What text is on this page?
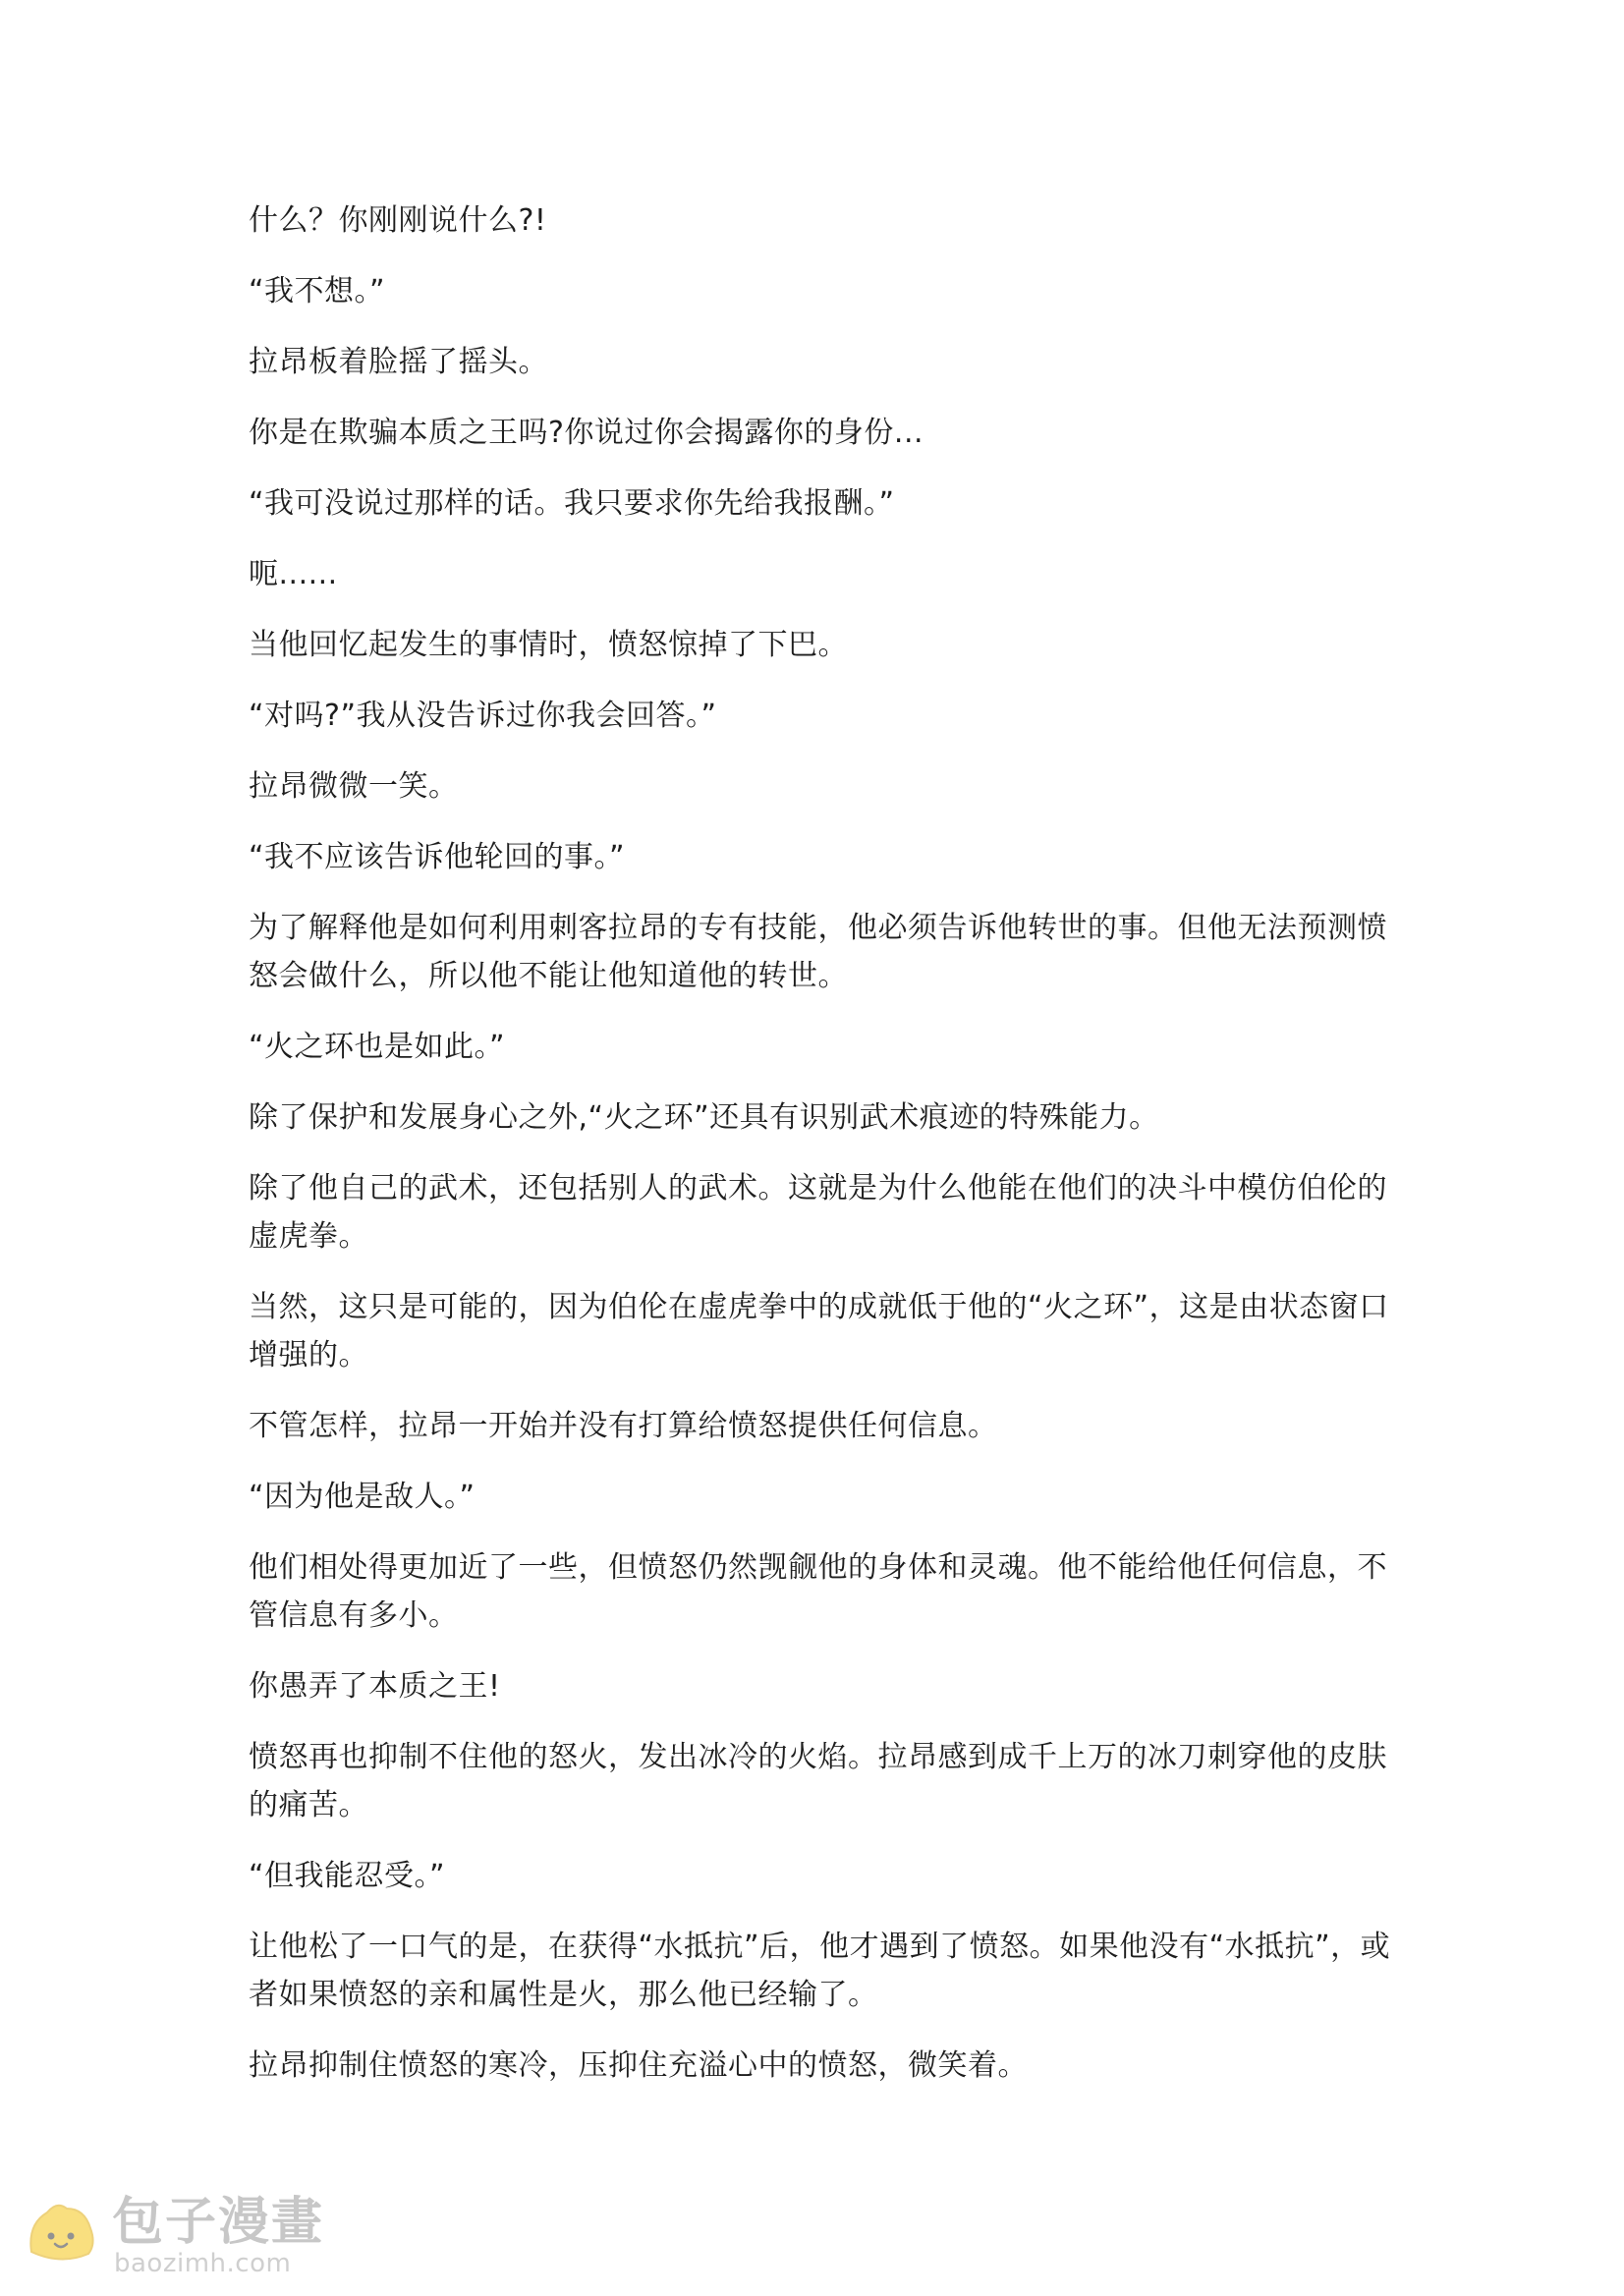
什么？你刚刚说什么?!

“我不想。”

拉昂板着脸摇了摇头。

你是在欺骗本质之王吗?你说过你会揭露你的身份...

“我可没说过那样的话。我只要求你先给我报酬。”

呃......

当他回忆起发生的事情时，愤怒惊掉了下巴。

“对吗?”我从没告诉过你我会回答。”

拉昂微微一笑。

“我不应该告诉他轮回的事。”

为了解释他是如何利用刺客拉昂的专有技能，他必须告诉他转世的事。但他无法预测愤怒会做什么，所以他不能让他知道他的转世。

“火之环也是如此。”

除了保护和发展身心之外,“火之环”还具有识别武术痕迹的特殊能力。

除了他自己的武术，还包括别人的武术。这就是为什么他能在他们的决斗中模仿伯伦的虚虎拳。

当然，这只是可能的，因为伯伦在虚虎拳中的成就低于他的“火之环”，这是由状态窗口增强的。

不管怎样，拉昂一开始并没有打算给愤怒提供任何信息。

“因为他是敌人。”

他们相处得更加近了一些，但愤怒仍然觊觎他的身体和灵魂。他不能给他任何信息，不管信息有多小。

你愚弄了本质之王!

愤怒再也抑制不住他的怒火，发出冰冷的火焰。拉昂感到成千上万的冰刀刺穿他的皮肤的痛苦。

“但我能忍受。”

让他松了一口气的是，在获得“水抵抗”后，他才遇到了愤怒。如果他没有“水抵抗”，或者如果愤怒的亲和属性是火，那么他已经输了。

拉昂抑制住愤怒的寒冷，压抑住充溢心中的愤怒，微笑着。

包子漫畫
baozimh.com
